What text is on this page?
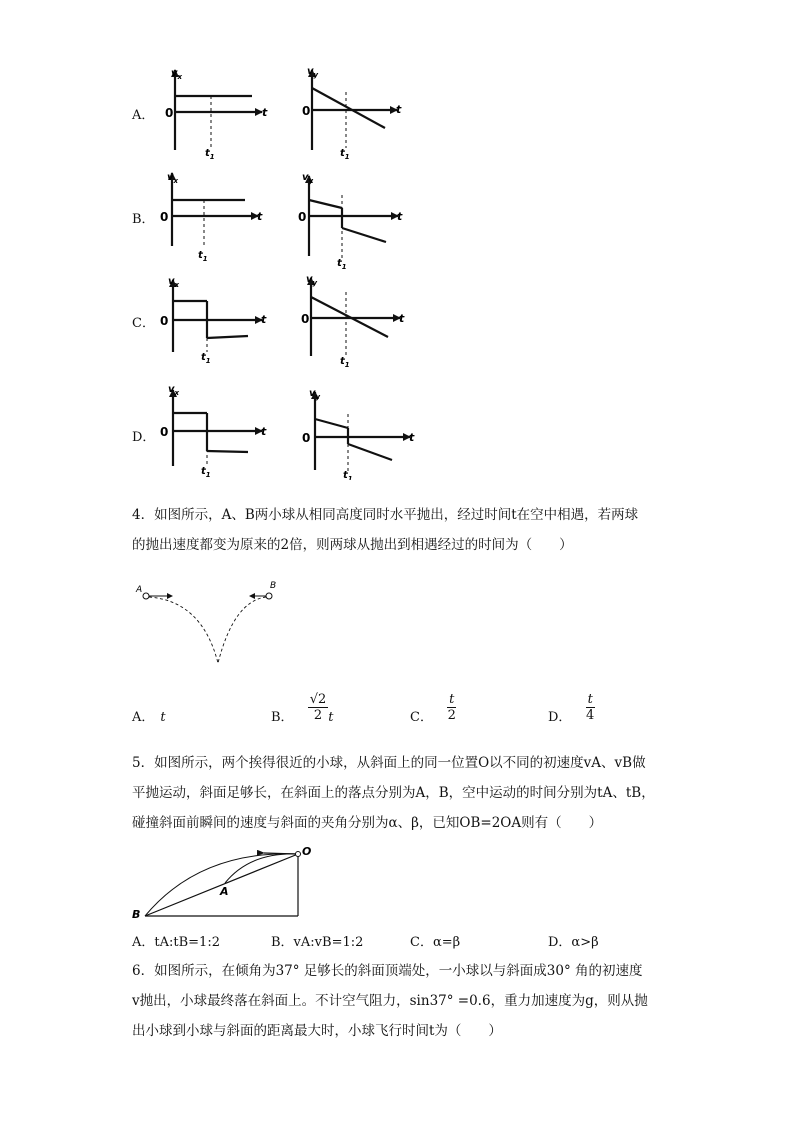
A．
B．
C．
D．
$v_x$
0	t
$t_1$
$v_y$
0	t
$t_1$
$v_x$
0	t
$t_1$
$v_y$
0	t
$t_1$
$v_x$
0	t
$t_1$
$v_y$
0	t
$t_1$
$v_x$
0	t
$t_1$
$v_y$
0	t
$t_1$
4．如图所示，A、B两小球从相同高度同时水平抛出，经过时间t在空中相遇，若两球
的抛出速度都变为原来的2倍，则两球从抛出到相遇经过的时间为（　　）
A	B
A． t	B． $\frac{√2}{2}$ t	C． $\frac{t}{2}$	D． $\frac{t}{4}$
5．如图所示，两个挨得很近的小球，从斜面上的同一位置O以不同的初速度vA、vB做
平抛运动，斜面足够长，在斜面上的落点分别为A，B，空中运动的时间分别为tA、tB，
碰撞斜面前瞬间的速度与斜面的夹角分别为α、β，已知OB=2OA则有（　　）
O
A
B
A．tA:tB=1:2	B．vA:vB=1:2	C．α=β	D．α>β
6．如图所示，在倾角为37° 足够长的斜面顶端处，一小球以与斜面成30° 角的初速度
v抛出，小球最终落在斜面上。不计空气阻力，sin37° =0.6，重力加速度为g，则从抛
出小球到小球与斜面的距离最大时，小球飞行时间t为（　　）
